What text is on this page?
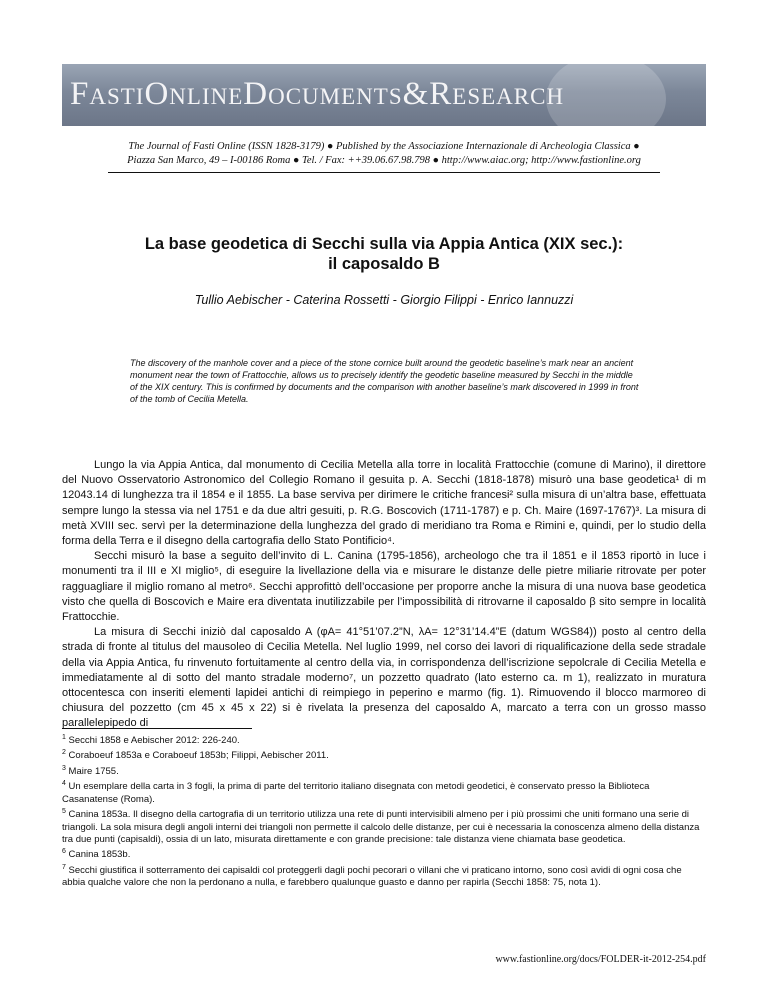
FastiOnlineDocuments&Research
The Journal of Fasti Online (ISSN 1828-3179) ● Published by the Associazione Internazionale di Archeologia Classica ●
Piazza San Marco, 49 – I-00186 Roma ● Tel. / Fax: ++39.06.67.98.798 ● http://www.aiac.org; http://www.fastionline.org
La base geodetica di Secchi sulla via Appia Antica (XIX sec.):
il caposaldo B
Tullio Aebischer - Caterina Rossetti - Giorgio Filippi - Enrico Iannuzzi
The discovery of the manhole cover and a piece of the stone cornice built around the geodetic baseline’s mark near an ancient monument near the town of Frattocchie, allows us to precisely identify the geodetic baseline measured by Secchi in the middle of the XIX century. This is confirmed by documents and the comparison with another baseline’s mark discovered in 1999 in front of the tomb of Cecilia Metella.

Lungo la via Appia Antica, dal monumento di Cecilia Metella alla torre in località Frattocchie (comune di Marino), il direttore del Nuovo Osservatorio Astronomico del Collegio Romano il gesuita p. A. Secchi (1818-1878) misurò una base geodetica¹ di m 12043.14 di lunghezza tra il 1854 e il 1855. La base serviva per dirimere le critiche francesi² sulla misura di un’altra base, effettuata sempre lungo la stessa via nel 1751 e da due altri gesuiti, p. R.G. Boscovich (1711-1787) e p. Ch. Maire (1697-1767)³. La misura di metà XVIII sec. servì per la determinazione della lunghezza del grado di meridiano tra Roma e Rimini e, quindi, per lo studio della forma della Terra e il disegno della cartografia dello Stato Pontificio⁴.

Secchi misurò la base a seguito dell’invito di L. Canina (1795-1856), archeologo che tra il 1851 e il 1853 riportò in luce i monumenti tra il III e XI miglio⁵, di eseguire la livellazione della via e misurare le distanze delle pietre miliarie ritrovate per poter ragguagliare il miglio romano al metro⁶. Secchi approfittò dell’occasione per proporre anche la misura di una nuova base geodetica visto che quella di Boscovich e Maire era diventata inutilizzabile per l’impossibilità di ritrovarne il caposaldo β sito sempre in località Frattocchie.

La misura di Secchi iniziò dal caposaldo A (φA= 41°51’07.2”N, λA= 12°31’14.4”E (datum WGS84)) posto al centro della strada di fronte al titulus del mausoleo di Cecilia Metella. Nel luglio 1999, nel corso dei lavori di riqualificazione della sede stradale della via Appia Antica, fu rinvenuto fortuitamente al centro della via, in corrispondenza dell’iscrizione sepolcrale di Cecilia Metella e immediatamente al di sotto del manto stradale moderno⁷, un pozzetto quadrato (lato esterno ca. m 1), realizzato in muratura ottocentesca con inseriti elementi lapidei antichi di reimpiego in peperino e marmo (fig. 1). Rimuovendo il blocco marmoreo di chiusura del pozzetto (cm 45 x 45 x 22) si è rivelata la presenza del caposaldo A, marcato a terra con un grosso masso parallelepipedo di

$^1$ Secchi 1858 e Aebischer 2012: 226-240.

$^2$ Coraboeuf 1853a e Coraboeuf 1853b; Filippi, Aebischer 2011.

$^3$ Maire 1755.

$^4$ Un esemplare della carta in 3 fogli, la prima di parte del territorio italiano disegnata con metodi geodetici, è conservato presso la Biblioteca Casanatense (Roma).

$^5$ Canina 1853a. Il disegno della cartografia di un territorio utilizza una rete di punti intervisibili almeno per i più prossimi che uniti formano una serie di triangoli. La sola misura degli angoli interni dei triangoli non permette il calcolo delle distanze, per cui è necessaria la conoscenza almeno della distanza tra due punti (capisaldi), ossia di un lato, misurata direttamente e con grande precisione: tale distanza viene chiamata base geodetica.

$^6$ Canina 1853b.

$^7$ Secchi giustifica il sotterramento dei capisaldi col proteggerli dagli pochi pecorari o villani che vi praticano intorno, sono così avidi di ogni cosa che abbia qualche valore che non la perdonano a nulla, e farebbero qualunque guasto e danno per rapirla (Secchi 1858: 75, nota 1).

www.fastionline.org/docs/FOLDER-it-2012-254.pdf
